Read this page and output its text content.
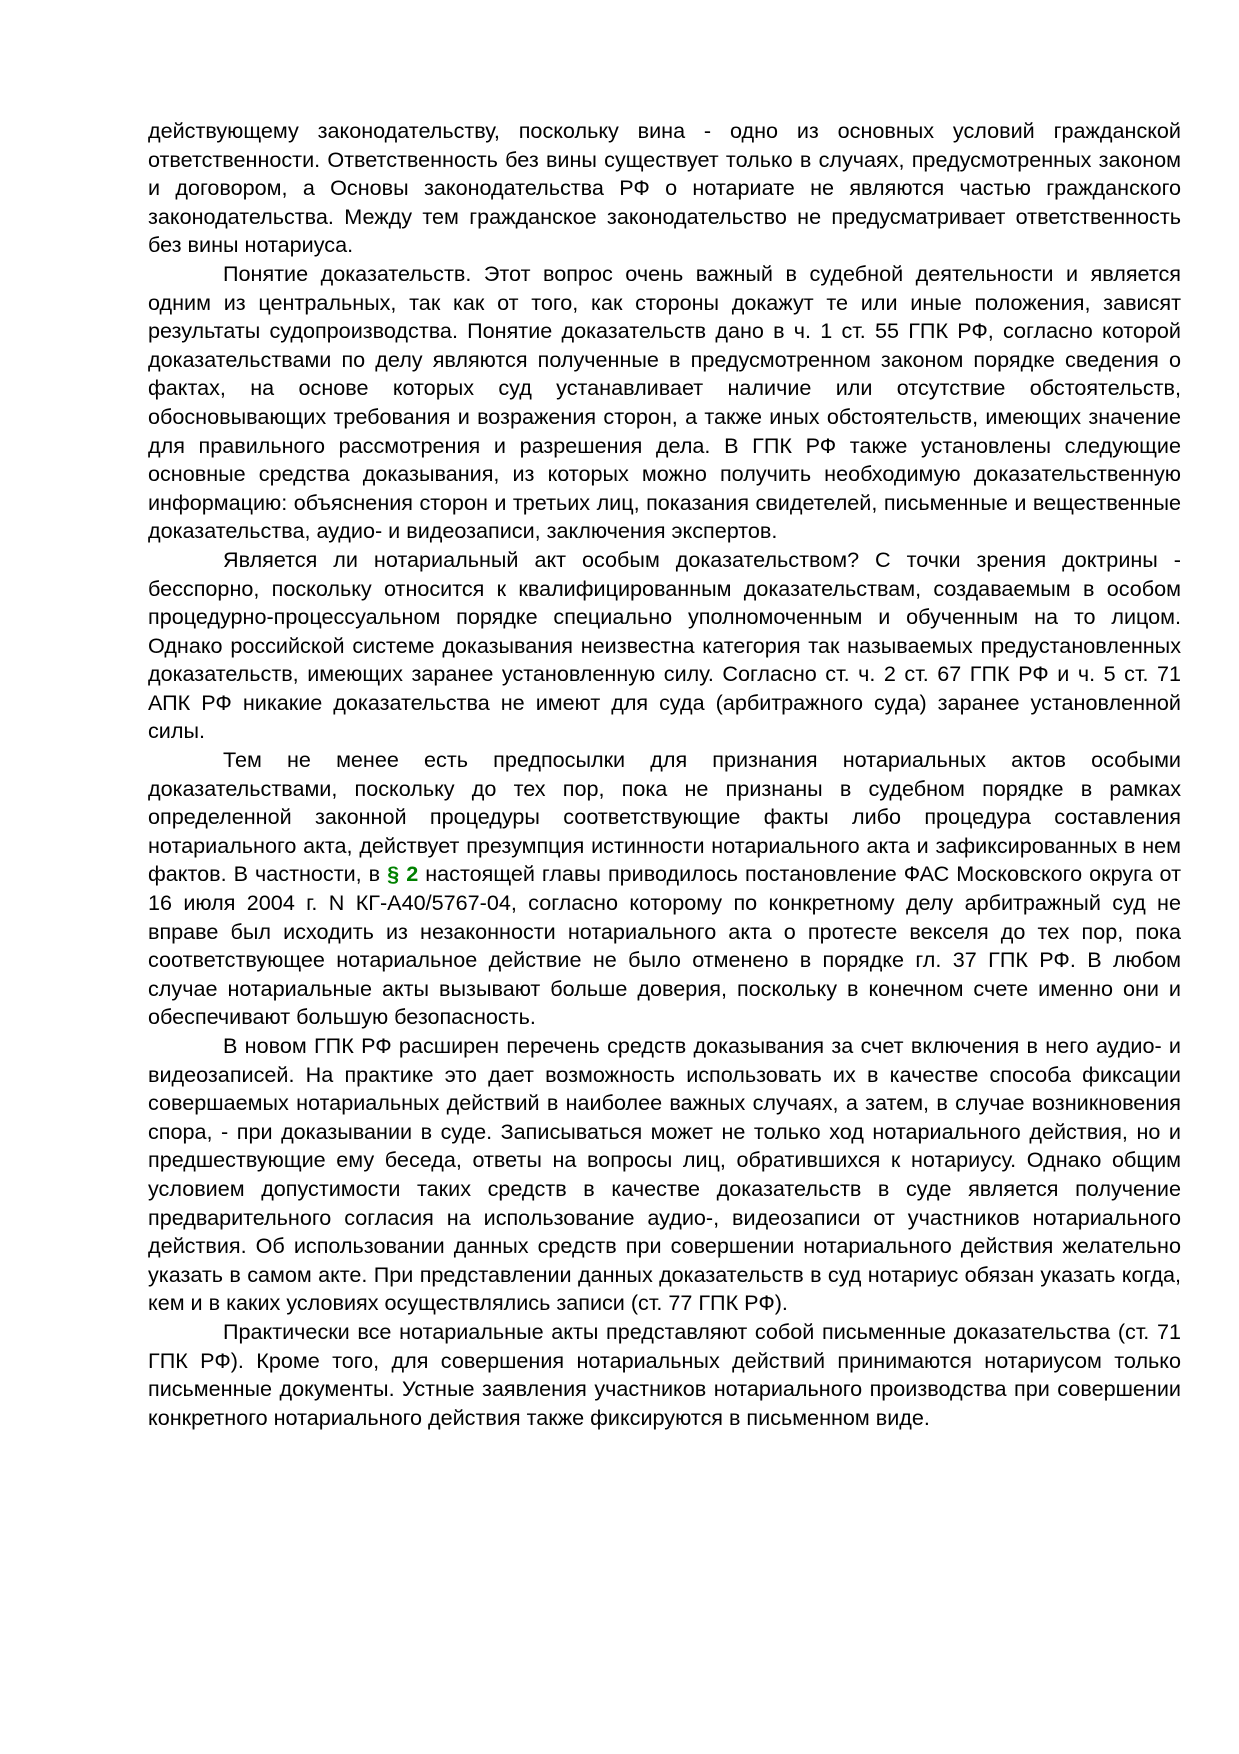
действующему законодательству, поскольку вина - одно из основных условий гражданской ответственности. Ответственность без вины существует только в случаях, предусмотренных законом и договором, а Основы законодательства РФ о нотариате не являются частью гражданского законодательства. Между тем гражданское законодательство не предусматривает ответственность без вины нотариуса.

Понятие доказательств. Этот вопрос очень важный в судебной деятельности и является одним из центральных, так как от того, как стороны докажут те или иные положения, зависят результаты судопроизводства. Понятие доказательств дано в ч. 1 ст. 55 ГПК РФ, согласно которой доказательствами по делу являются полученные в предусмотренном законом порядке сведения о фактах, на основе которых суд устанавливает наличие или отсутствие обстоятельств, обосновывающих требования и возражения сторон, а также иных обстоятельств, имеющих значение для правильного рассмотрения и разрешения дела. В ГПК РФ также установлены следующие основные средства доказывания, из которых можно получить необходимую доказательственную информацию: объяснения сторон и третьих лиц, показания свидетелей, письменные и вещественные доказательства, аудио- и видеозаписи, заключения экспертов.

Является ли нотариальный акт особым доказательством? С точки зрения доктрины - бесспорно, поскольку относится к квалифицированным доказательствам, создаваемым в особом процедурно-процессуальном порядке специально уполномоченным и обученным на то лицом. Однако российской системе доказывания неизвестна категория так называемых предустановленных доказательств, имеющих заранее установленную силу. Согласно ст. ч. 2 ст. 67 ГПК РФ и ч. 5 ст. 71 АПК РФ никакие доказательства не имеют для суда (арбитражного суда) заранее установленной силы.

Тем не менее есть предпосылки для признания нотариальных актов особыми доказательствами, поскольку до тех пор, пока не признаны в судебном порядке в рамках определенной законной процедуры соответствующие факты либо процедура составления нотариального акта, действует презумпция истинности нотариального акта и зафиксированных в нем фактов. В частности, в § 2 настоящей главы приводилось постановление ФАС Московского округа от 16 июля 2004 г. N КГ-А40/5767-04, согласно которому по конкретному делу арбитражный суд не вправе был исходить из незаконности нотариального акта о протесте векселя до тех пор, пока соответствующее нотариальное действие не было отменено в порядке гл. 37 ГПК РФ. В любом случае нотариальные акты вызывают больше доверия, поскольку в конечном счете именно они и обеспечивают большую безопасность.

В новом ГПК РФ расширен перечень средств доказывания за счет включения в него аудио- и видеозаписей. На практике это дает возможность использовать их в качестве способа фиксации совершаемых нотариальных действий в наиболее важных случаях, а затем, в случае возникновения спора, - при доказывании в суде. Записываться может не только ход нотариального действия, но и предшествующие ему беседа, ответы на вопросы лиц, обратившихся к нотариусу. Однако общим условием допустимости таких средств в качестве доказательств в суде является получение предварительного согласия на использование аудио-, видеозаписи от участников нотариального действия. Об использовании данных средств при совершении нотариального действия желательно указать в самом акте. При представлении данных доказательств в суд нотариус обязан указать когда, кем и в каких условиях осуществлялись записи (ст. 77 ГПК РФ).

Практически все нотариальные акты представляют собой письменные доказательства (ст. 71 ГПК РФ). Кроме того, для совершения нотариальных действий принимаются нотариусом только письменные документы. Устные заявления участников нотариального производства при совершении конкретного нотариального действия также фиксируются в письменном виде.
